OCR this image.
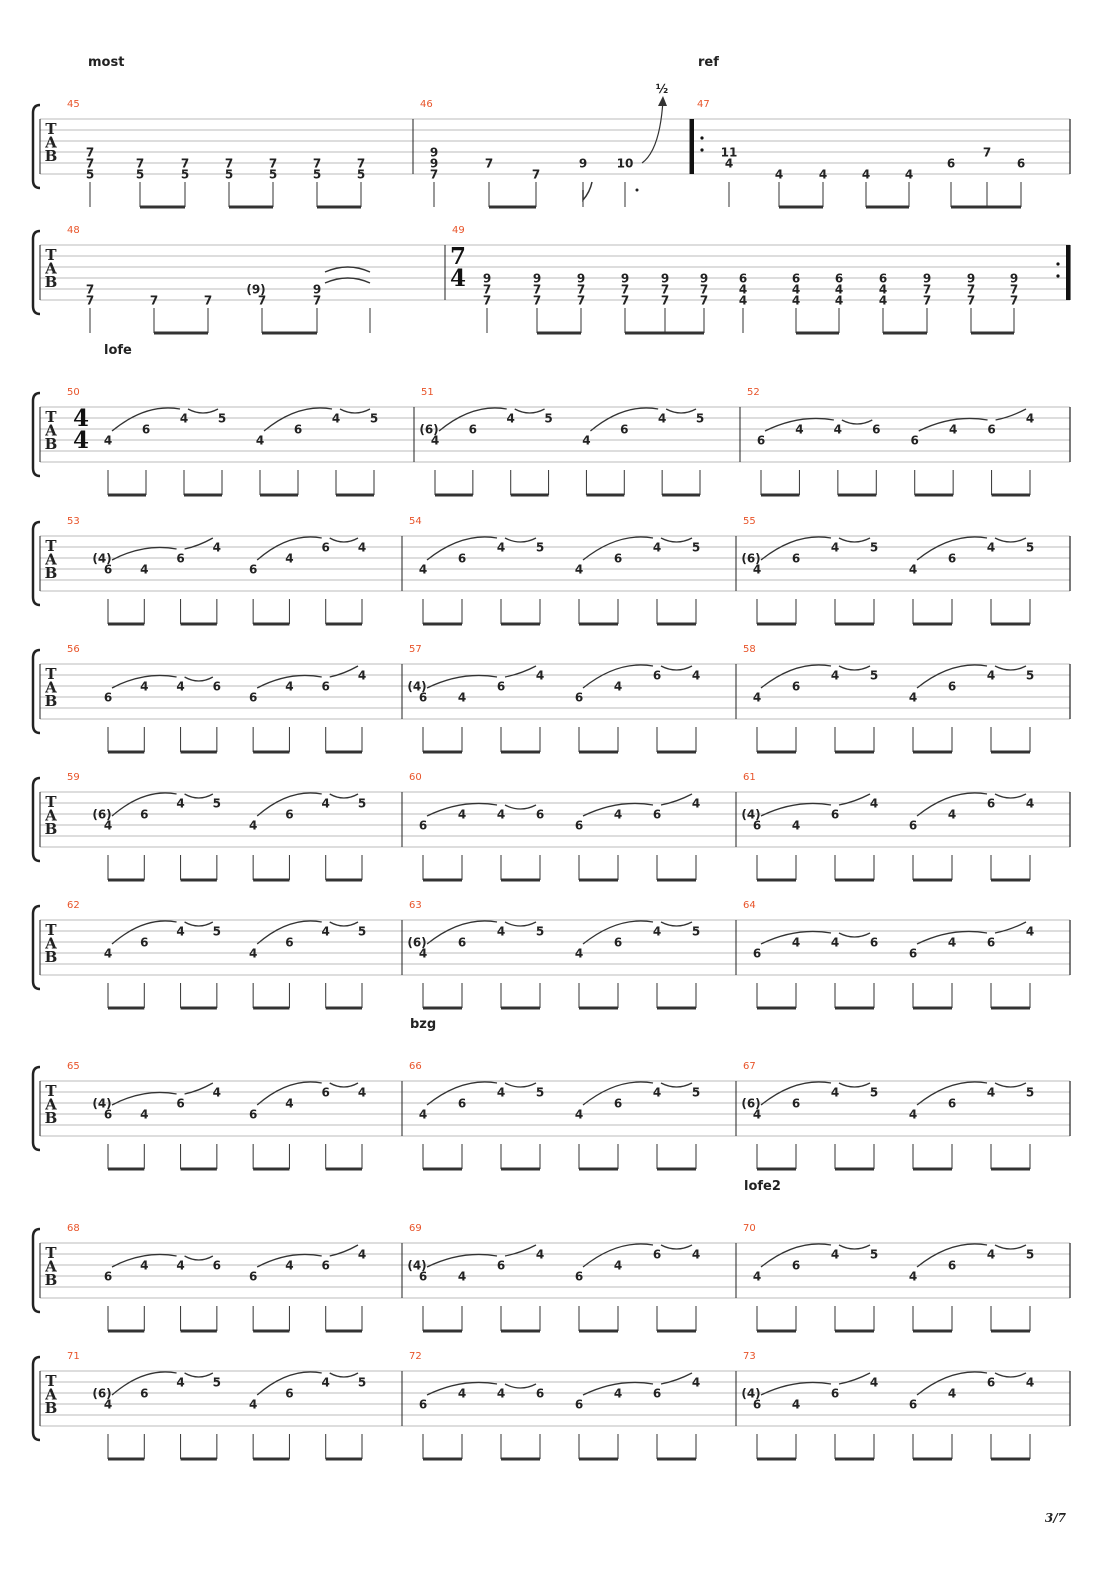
T
A
B
45
most
7
7
5
7
5
7
5
7
5
7
5
7
5
7
5
46
9
9
7
7
7
9 10
47
ref
11
4
4	4	4	4
6
7
6
½
T
A
B
48
7
7	7	7
(9)
7
9
7
49
7
4 9
7
7
9
7
7
9
7
7
9
7
7
9
7
7
9
7
7
6
4
4
6
4
4
6
4
4
6
4
4
9
7
7
9
7
7
9
7
7
T
A
B
50
lofe
4
4 4
6
4 5
4
6
4 5
51
(6)
4
6
4 5
4
6
4 5
52
6
4	4	6
6
4	6
4
T
A
B
53
(4)
6 4
6
4
6
4
6 4
54
4
6
4	5
4
6
4	5
55
(6)
4
6
4	5
4
6
4	5
T
A
B
56
6
4 4 6
6
4 6
4
57
(4)
6	4
6
4
6
4
6	4
58
4
6
4	5
4
6
4	5
T
A
B
59
(6)
4
6
4 5
4
6
4 5
60
6
4	4	6
6
4	6
4
61
(4)
6	4
6
4
6
4
6	4
T
A
B
62
4
6
4 5
4
6
4 5
63
(6)
4
6
4	5
4
6
4	5
64
6
4	4	6
6
4	6
4
T
A
B
65
(4)
6 4
6
4
6
4
6 4
66
bzg
4
6
4	5
4
6
4	5
67
(6)
4
6
4	5
4
6
4	5
T
A
B
68
6
4 4 6
6
4 6
4
69
(4)
6	4
6
4
6
4
6	4
70
lofe2
4
6
4	5
4
6
4	5
T
A
B
71
(6)
4
6
4 5
4
6
4 5
72
6
4	4	6
6
4	6
4
73
(4)
6	4
6
4
6
4
6	4
3/7
